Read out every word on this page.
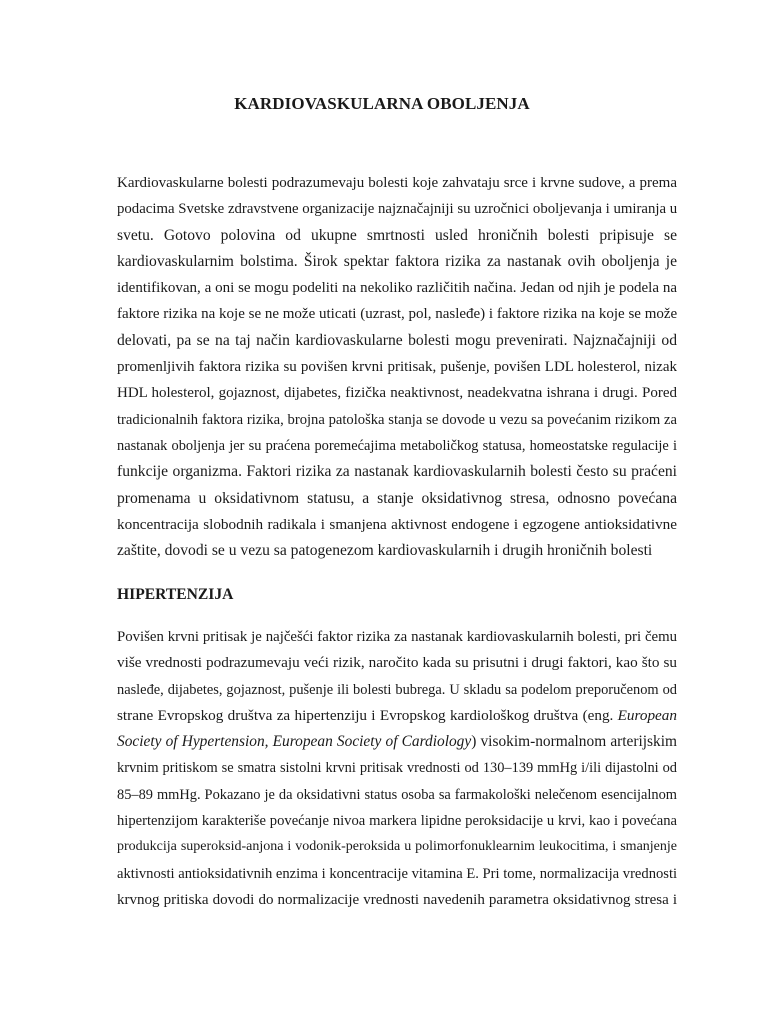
KARDIOVASKULARNA OBOLJENJA

Kardiovaskularne bolesti podrazumevaju bolesti koje zahvataju srce i krvne sudove, a prema
podacima Svetske zdravstvene organizacije najznačajniji su uzročnici oboljevanja i umiranja u
svetu. Gotovo polovina od ukupne smrtnosti usled hroničnih bolesti pripisuje se
kardiovaskularnim bolstima. Širok spektar faktora rizika za nastanak ovih oboljenja je
identifikovan, a oni se mogu podeliti na nekoliko različitih načina. Jedan od njih je podela na
faktore rizika na koje se ne može uticati (uzrast, pol, nasleđe) i faktore rizika na koje se može
delovati, pa se na taj način kardiovaskularne bolesti mogu prevenirati. Najznačajniji od
promenljivih faktora rizika su povišen krvni pritisak, pušenje, povišen LDL holesterol, nizak
HDL holesterol, gojaznost, dijabetes, fizička neaktivnost, neadekvatna ishrana i drugi. Pored
tradicionalnih faktora rizika, brojna patološka stanja se dovode u vezu sa povećanim rizikom za
nastanak oboljenja jer su praćena poremećajima metaboličkog statusa, homeostatske regulacije i
funkcije organizma. Faktori rizika za nastanak kardiovaskularnih bolesti često su praćeni
promenama u oksidativnom statusu, a stanje oksidativnog stresa, odnosno povećana
koncentracija slobodnih radikala i smanjena aktivnost endogene i egzogene antioksidativne
zaštite, dovodi se u vezu sa patogenezom kardiovaskularnih i drugih hroničnih bolesti

HIPERTENZIJA

Povišen krvni pritisak je najčešći faktor rizika za nastanak kardiovaskularnih bolesti, pri čemu
više vrednosti podrazumevaju veći rizik, naročito kada su prisutni i drugi faktori, kao što su
nasleđe, dijabetes, gojaznost, pušenje ili bolesti bubrega. U skladu sa podelom preporučenom od
strane Evropskog društva za hipertenziju i Evropskog kardiološkog društva (eng. European
Society of Hypertension, European Society of Cardiology) visokim-normalnom arterijskim
krvnim pritiskom se smatra sistolni krvni pritisak vrednosti od 130–139 mmHg i/ili dijastolni od
85–89 mmHg. Pokazano je da oksidativni status osoba sa farmakološki nelečenom esencijalnom
hipertenzijom karakteriše povećanje nivoa markera lipidne peroksidacije u krvi, kao i povećana
produkcija superoksid-anjona i vodonik-peroksida u polimorfonuklearnim leukocitima, i smanjenje
aktivnosti antioksidativnih enzima i koncentracije vitamina E. Pri tome, normalizacija vrednosti
krvnog pritiska dovodi do normalizacije vrednosti navedenih parametra oksidativnog stresa i
